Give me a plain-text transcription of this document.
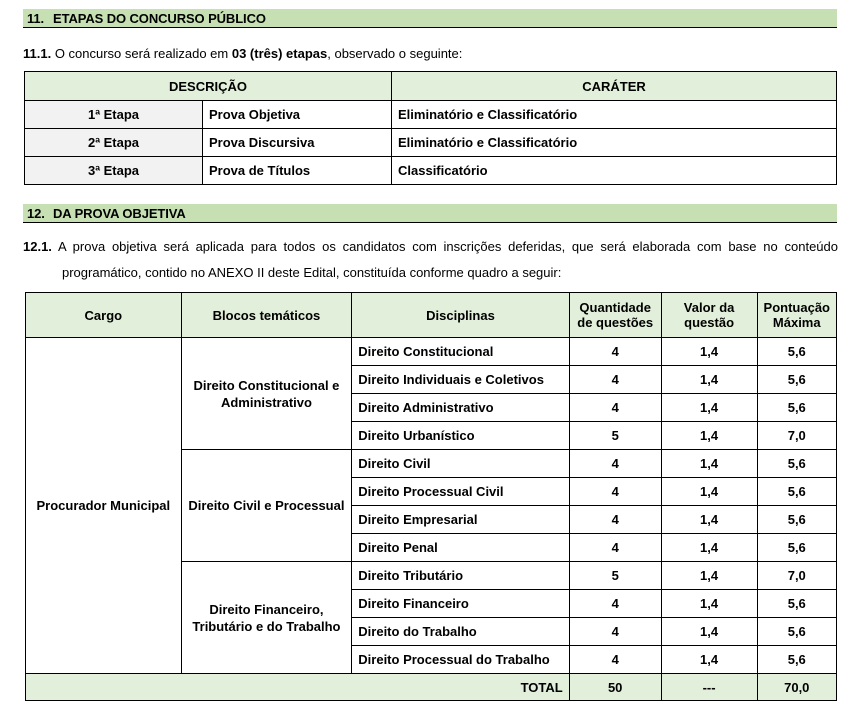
11. ETAPAS DO CONCURSO PÚBLICO
11.1. O concurso será realizado em 03 (três) etapas, observado o seguinte:
DESCRIÇÃO		CARÁTER
1ª Etapa	Prova Objetiva	Eliminatório e Classificatório
2ª Etapa	Prova Discursiva	Eliminatório e Classificatório
3ª Etapa	Prova de Títulos	Classificatório
12. DA PROVA OBJETIVA
12.1. A prova objetiva será aplicada para todos os candidatos com inscrições deferidas, que será elaborada com base no conteúdo
programático, contido no ANEXO II deste Edital, constituída conforme quadro a seguir:
Cargo	Blocos temáticos	Disciplinas	Quantidade de questões	Valor da questão	Pontuação Máxima
Procurador Municipal	Direito Constitucional e Administrativo	Direito Constitucional	4	1,4	5,6
		Direito Individuais e Coletivos	4	1,4	5,6
		Direito Administrativo	4	1,4	5,6
		Direito Urbanístico	5	1,4	7,0
	Direito Civil e Processual	Direito Civil	4	1,4	5,6
		Direito Processual Civil	4	1,4	5,6
		Direito Empresarial	4	1,4	5,6
		Direito Penal	4	1,4	5,6
	Direito Financeiro, Tributário e do Trabalho	Direito Tributário	5	1,4	7,0
		Direito Financeiro	4	1,4	5,6
		Direito do Trabalho	4	1,4	5,6
		Direito Processual do Trabalho	4	1,4	5,6
TOTAL			50	---	70,0
